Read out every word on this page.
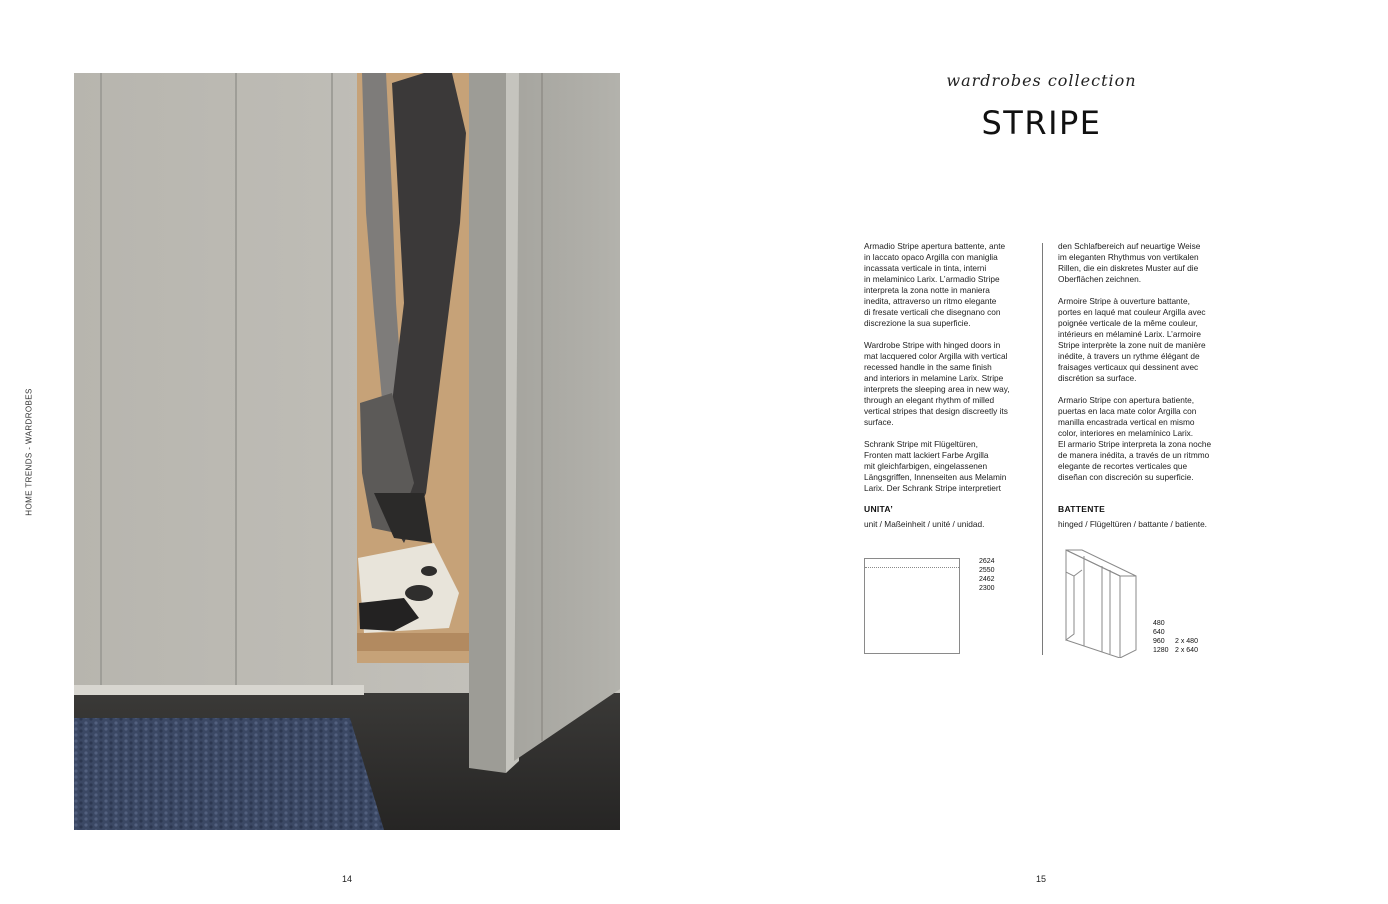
HOME TRENDS - WARDROBES
14
wardrobes collection
STRIPE

Armadio Stripe apertura battente, ante
in laccato opaco Argilla con maniglia
incassata verticale in tinta, interni
in melaminico Larix. L’armadio Stripe
interpreta la zona notte in maniera
inedita, attraverso un ritmo elegante
di fresate verticali che disegnano con
discrezione la sua superficie.

Wardrobe Stripe with hinged doors in
mat lacquered color Argilla with vertical
recessed handle in the same finish
and interiors in melamine Larix. Stripe
interprets the sleeping area in new way,
through an elegant rhythm of milled
vertical stripes that design discreetly its
surface.

Schrank Stripe mit Flügeltüren,
Fronten matt lackiert Farbe Argilla
mit gleichfarbigen, eingelassenen
Längsgriffen, Innenseiten aus Melamin
Larix. Der Schrank Stripe interpretiert

den Schlafbereich auf neuartige Weise
im eleganten Rhythmus von vertikalen
Rillen, die ein diskretes Muster auf die
Oberflächen zeichnen.

Armoire Stripe à ouverture battante,
portes en laqué mat couleur Argilla avec
poignée verticale de la même couleur,
intérieurs en mélaminé Larix. L’armoire
Stripe interprète la zone nuit de manière
inédite, à travers un rythme élégant de
fraisages verticaux qui dessinent avec
discrétion sa surface.

Armario Stripe con apertura batiente,
puertas en laca mate color Argilla con
manilla encastrada vertical en mismo
color, interiores en melamínico Larix.
El armario Stripe interpreta la zona noche
de manera inédita, a través de un ritmmo
elegante de recortes verticales que
diseñan con discreción su superficie.

UNITA’
unit / Maßeinheit / unité / unidad.
2624
2550
2462
2300
BATTENTE
hinged / Flügeltüren / battante / batiente.
480
640
960 2 x 480
1280 2 x 640
15
